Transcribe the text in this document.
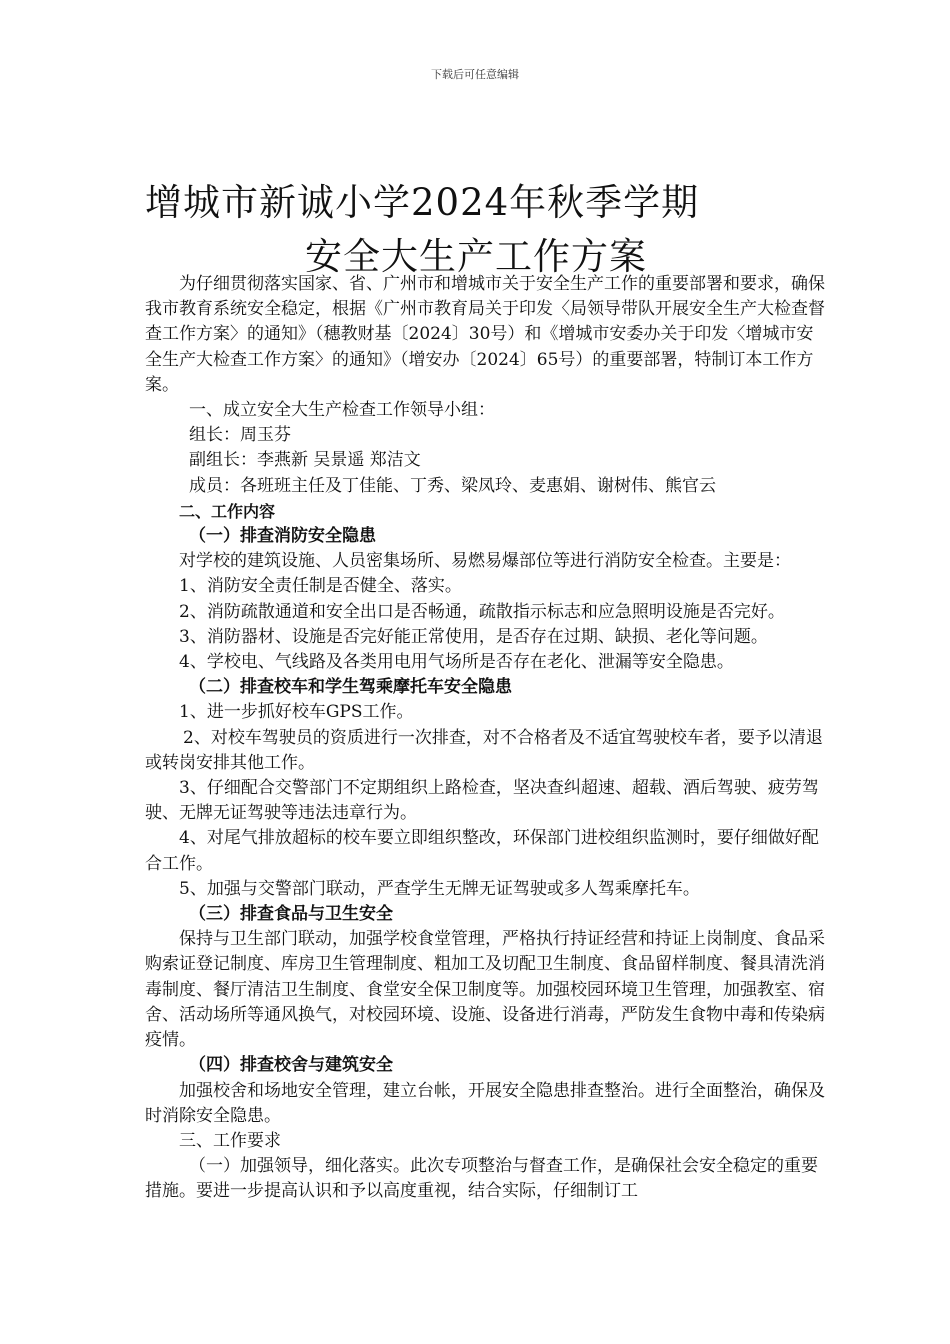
下载后可任意编辑
增城市新诚小学2024年秋季学期
安全大生产工作方案

为仔细贯彻落实国家、省、广州市和增城市关于安全生产工作的重要部署和要求，确保我市教育系统安全稳定，根据《广州市教育局关于印发〈局领导带队开展安全生产大检查督查工作方案〉的通知》（穗教财基〔2024〕30号）和《增城市安委办关于印发〈增城市安全生产大检查工作方案〉的通知》（增安办〔2024〕65号）的重要部署，特制订本工作方案。

一、成立安全大生产检查工作领导小组：

组长：周玉芬

副组长：李燕新 吴景遥 郑洁文

成员：各班班主任及丁佳能、丁秀、梁凤玲、麦惠娟、谢树伟、熊官云

二、工作内容

（一）排查消防安全隐患

对学校的建筑设施、人员密集场所、易燃易爆部位等进行消防安全检查。主要是：

1、消防安全责任制是否健全、落实。

2、消防疏散通道和安全出口是否畅通，疏散指示标志和应急照明设施是否完好。

3、消防器材、设施是否完好能正常使用，是否存在过期、缺损、老化等问题。

4、学校电、气线路及各类用电用气场所是否存在老化、泄漏等安全隐患。

（二）排查校车和学生驾乘摩托车安全隐患

1、进一步抓好校车GPS工作。

2、对校车驾驶员的资质进行一次排查，对不合格者及不适宜驾驶校车者，要予以清退或转岗安排其他工作。

3、仔细配合交警部门不定期组织上路检查，坚决查纠超速、超载、酒后驾驶、疲劳驾驶、无牌无证驾驶等违法违章行为。

4、对尾气排放超标的校车要立即组织整改，环保部门进校组织监测时，要仔细做好配合工作。

5、加强与交警部门联动，严查学生无牌无证驾驶或多人驾乘摩托车。

（三）排查食品与卫生安全

保持与卫生部门联动，加强学校食堂管理，严格执行持证经营和持证上岗制度、食品采购索证登记制度、库房卫生管理制度、粗加工及切配卫生制度、食品留样制度、餐具清洗消毒制度、餐厅清洁卫生制度、食堂安全保卫制度等。加强校园环境卫生管理，加强教室、宿舍、活动场所等通风换气，对校园环境、设施、设备进行消毒，严防发生食物中毒和传染病疫情。

（四）排查校舍与建筑安全

加强校舍和场地安全管理，建立台帐，开展安全隐患排查整治。进行全面整治，确保及时消除安全隐患。

三、工作要求

（一）加强领导，细化落实。此次专项整治与督查工作，是确保社会安全稳定的重要措施。要进一步提高认识和予以高度重视，结合实际，仔细制订工
